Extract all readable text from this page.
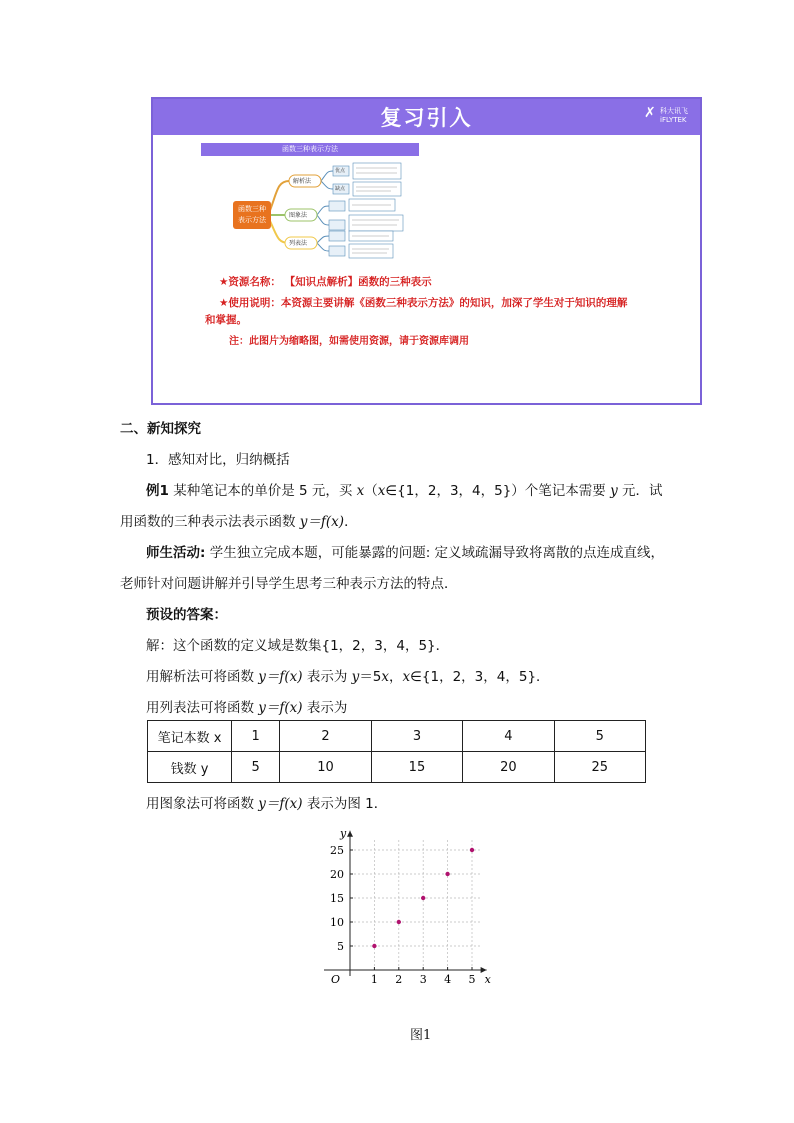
复习引入	✗ 科大讯飞
iFLYTEK
函数三种表示方法
函数三种表示方法
解析法
图象法
列表法
优点
缺点
★资源名称： 【知识点解析】函数的三种表示
★使用说明：本资源主要讲解《函数三种表示方法》的知识，加深了学生对于知识的理解
和掌握。
注：此图片为缩略图，如需使用资源，请于资源库调用
二、新知探究
1．感知对比，归纳概括
例1 某种笔记本的单价是 5 元，买 x（x∈{1，2，3，4，5}）个笔记本需要 y 元．试
用函数的三种表示法表示函数 y＝f(x)．
师生活动: 学生独立完成本题，可能暴露的问题: 定义域疏漏导致将离散的点连成直线，
老师针对问题讲解并引导学生思考三种表示方法的特点．
预设的答案：
解：这个函数的定义域是数集{1，2，3，4，5}．
用解析法可将函数 y＝f(x) 表示为 y＝5x，x∈{1，2，3，4，5}．
用列表法可将函数 y＝f(x) 表示为
笔记本数 x	1	2	3	4	5
钱数 y	5	10	15	20	25
用图象法可将函数 y＝f(x) 表示为图 1．
1 2 3 4 5
5
10
15
20
25
O	x
y
图1
